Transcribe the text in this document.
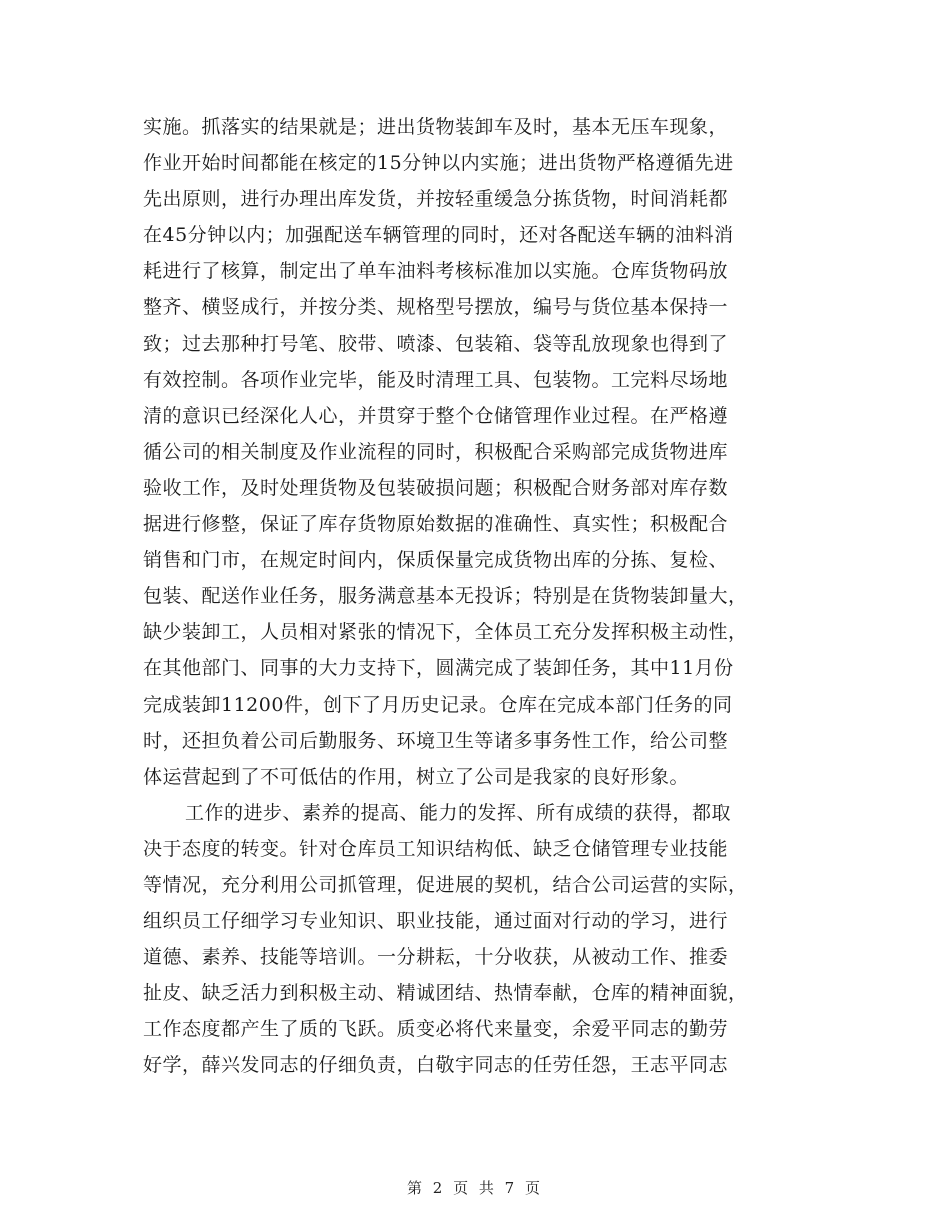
实施。抓落实的结果就是；进出货物装卸车及时，基本无压车现象，
作业开始时间都能在核定的15分钟以内实施；进出货物严格遵循先进
先出原则，进行办理出库发货，并按轻重缓急分拣货物，时间消耗都
在45分钟以内；加强配送车辆管理的同时，还对各配送车辆的油料消
耗进行了核算，制定出了单车油料考核标准加以实施。仓库货物码放
整齐、横竖成行，并按分类、规格型号摆放，编号与货位基本保持一
致；过去那种打号笔、胶带、喷漆、包装箱、袋等乱放现象也得到了
有效控制。各项作业完毕，能及时清理工具、包装物。工完料尽场地
清的意识已经深化人心，并贯穿于整个仓储管理作业过程。在严格遵
循公司的相关制度及作业流程的同时，积极配合采购部完成货物进库
验收工作，及时处理货物及包装破损问题；积极配合财务部对库存数
据进行修整，保证了库存货物原始数据的准确性、真实性；积极配合
销售和门市，在规定时间内，保质保量完成货物出库的分拣、复检、
包装、配送作业任务，服务满意基本无投诉；特别是在货物装卸量大，
缺少装卸工，人员相对紧张的情况下，全体员工充分发挥积极主动性，
在其他部门、同事的大力支持下，圆满完成了装卸任务，其中11月份
完成装卸11200件，创下了月历史记录。仓库在完成本部门任务的同
时，还担负着公司后勤服务、环境卫生等诸多事务性工作，给公司整
体运营起到了不可低估的作用，树立了公司是我家的良好形象。
工作的进步、素养的提高、能力的发挥、所有成绩的获得，都取
决于态度的转变。针对仓库员工知识结构低、缺乏仓储管理专业技能
等情况，充分利用公司抓管理，促进展的契机，结合公司运营的实际，
组织员工仔细学习专业知识、职业技能，通过面对行动的学习，进行
道德、素养、技能等培训。一分耕耘，十分收获，从被动工作、推委
扯皮、缺乏活力到积极主动、精诚团结、热情奉献，仓库的精神面貌，
工作态度都产生了质的飞跃。质变必将代来量变，余爱平同志的勤劳
好学，薛兴发同志的仔细负责，白敬宇同志的任劳任怨，王志平同志
第 2 页 共 7 页
